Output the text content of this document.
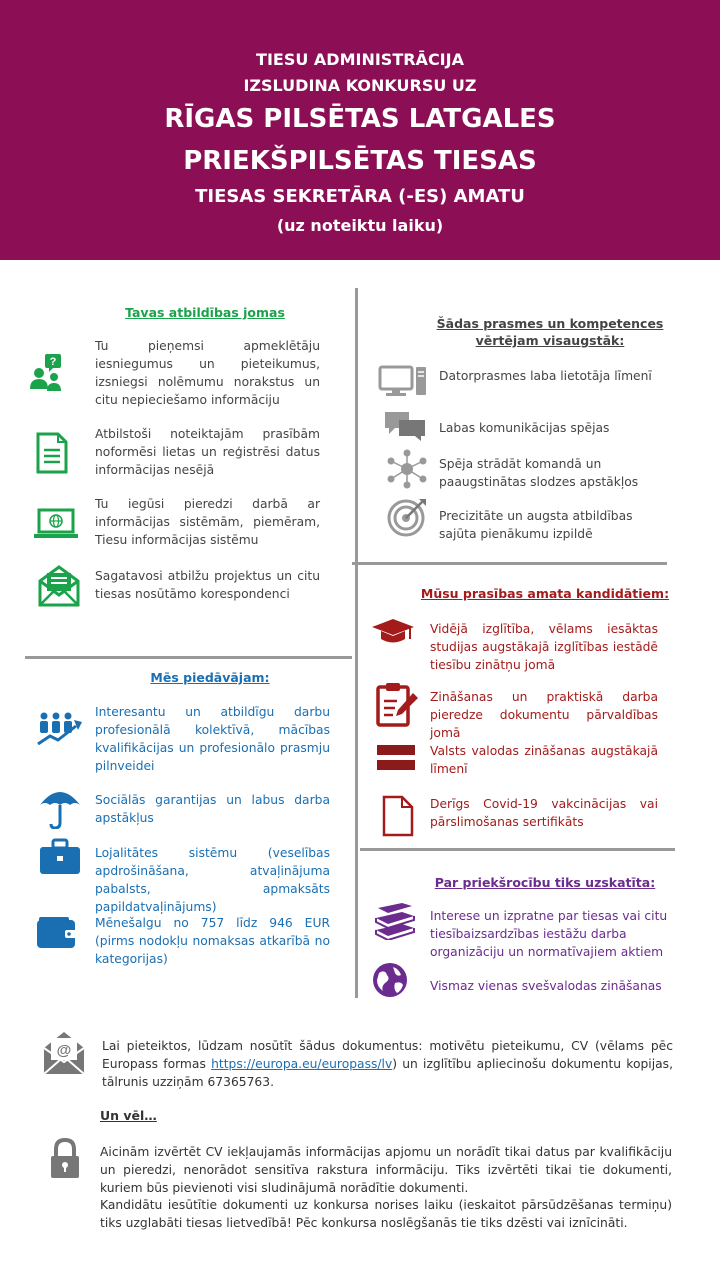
TIESU ADMINISTRĀCIJA
IZSLUDINA KONKURSU UZ
RĪGAS PILSĒTAS LATGALES
PRIEKŠPILSĒTAS TIESAS
TIESAS SEKRETĀRA (-ES) AMATU
(uz noteiktu laiku)
Tavas atbildības jomas
?
Tu pieņemsi apmeklētāju iesniegumus un pieteikumus, izsniegsi nolēmumu norakstus un citu nepieciešamo informāciju
Atbilstoši noteiktajām prasībām noformēsi lietas un reģistrēsi datus informācijas nesējā
Tu iegūsi pieredzi darbā ar informācijas sistēmām, piemēram, Tiesu informācijas sistēmu
Sagatavosi atbilžu projektus un citu tiesas nosūtāmo korespondenci
Šādas prasmes un kompetences
vērtējam visaugstāk:
Datorprasmes laba lietotāja līmenī
Labas komunikācijas spējas
Spēja strādāt komandā un paaugstinātas slodzes apstākļos
Precizitāte un augsta atbildības sajūta pienākumu izpildē
Mēs piedāvājam:
Interesantu un atbildīgu darbu profesionālā kolektīvā, mācības kvalifikācijas un profesionālo prasmju pilnveidei
Sociālās garantijas un labus darba apstākļus
Lojalitātes sistēmu (veselības apdrošināšana, atvaļinājuma pabalsts, apmaksāts papildatvaļinājums)
Mēnešalgu no 757 līdz 946 EUR (pirms nodokļu nomaksas atkarībā no kategorijas)
Mūsu prasības amata kandidātiem:
Vidējā izglītība, vēlams iesāktas studijas augstākajā izglītības iestādē tiesību zinātņu jomā
Zināšanas un praktiskā darba pieredze dokumentu pārvaldības jomā
Valsts valodas zināšanas augstākajā līmenī
Derīgs Covid-19 vakcinācijas vai pārslimošanas sertifikāts
Par priekšrocību tiks uzskatīta:
Interese un izpratne par tiesas vai citu tiesībaizsardzības iestāžu darba organizāciju un normatīvajiem aktiem
Vismaz vienas svešvalodas zināšanas
@ Lai pieteiktos, lūdzam nosūtīt šādus dokumentus: motivētu pieteikumu, CV (vēlams pēc Europass formas https://europa.eu/europass/lv) un izglītību apliecinošu dokumentu kopijas, tālrunis uzziņām 67365763.
Un vēl…
Aicinām izvērtēt CV iekļaujamās informācijas apjomu un norādīt tikai datus par kvalifikāciju un pieredzi, nenorādot sensitīva rakstura informāciju. Tiks izvērtēti tikai tie dokumenti, kuriem būs pievienoti visi sludinājumā norādītie dokumenti.
Kandidātu iesūtītie dokumenti uz konkursa norises laiku (ieskaitot pārsūdzēšanas termiņu) tiks uzglabāti tiesas lietvedībā! Pēc konkursa noslēgšanās tie tiks dzēsti vai iznīcināti.
